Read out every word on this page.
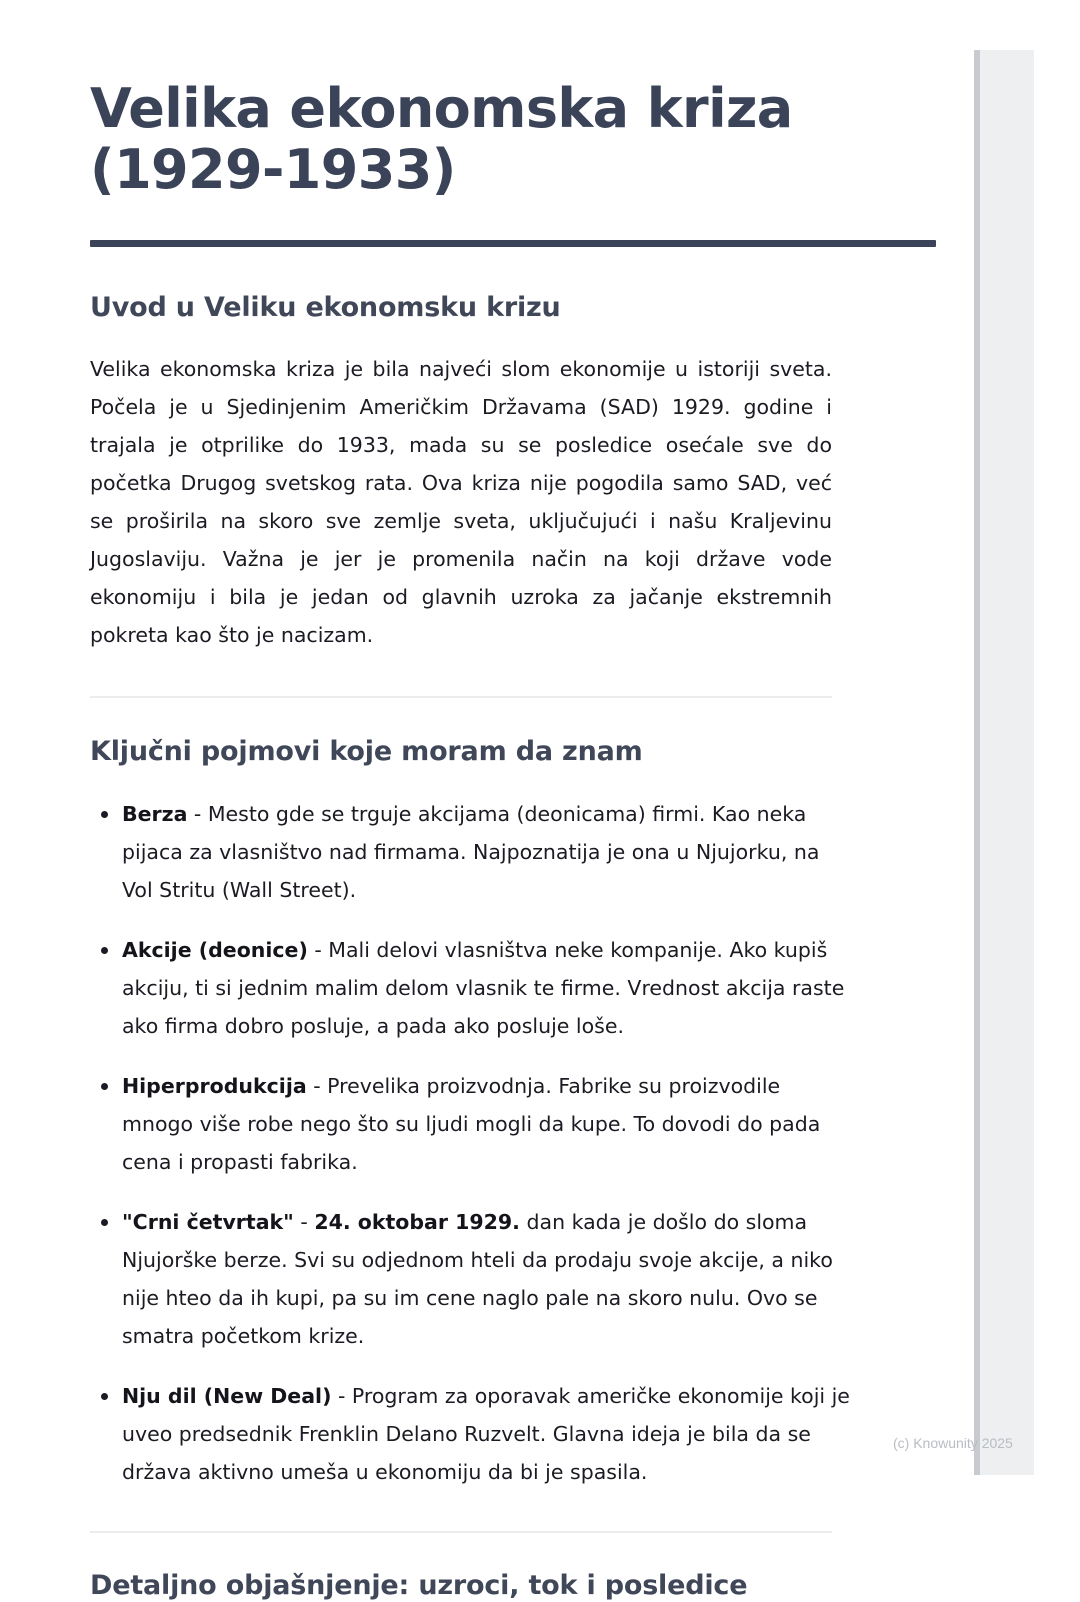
Velika ekonomska kriza (1929-1933)
Uvod u Veliku ekonomsku krizu

Velika ekonomska kriza je bila najveći slom ekonomije u istoriji sveta. Počela je u Sjedinjenim Američkim Državama (SAD) 1929. godine i trajala je otprilike do 1933, mada su se posledice osećale sve do početka Drugog svetskog rata. Ova kriza nije pogodila samo SAD, već se proširila na skoro sve zemlje sveta, uključujući i našu Kraljevinu Jugoslaviju. Važna je jer je promenila način na koji države vode ekonomiju i bila je jedan od glavnih uzroka za jačanje ekstremnih pokreta kao što je nacizam.

Ključni pojmovi koje moram da znam
Berza - Mesto gde se trguje akcijama (deonicama) firmi. Kao neka pijaca za vlasništvo nad firmama. Najpoznatija je ona u Njujorku, na Vol Stritu (Wall Street).
Akcije (deonice) - Mali delovi vlasništva neke kompanije. Ako kupiš akciju, ti si jednim malim delom vlasnik te firme. Vrednost akcija raste ako firma dobro posluje, a pada ako posluje loše.
Hiperprodukcija - Prevelika proizvodnja. Fabrike su proizvodile mnogo više robe nego što su ljudi mogli da kupe. To dovodi do pada cena i propasti fabrika.
"Crni četvrtak" - 24. oktobar 1929. dan kada je došlo do sloma Njujorške berze. Svi su odjednom hteli da prodaju svoje akcije, a niko nije hteo da ih kupi, pa su im cene naglo pale na skoro nulu. Ovo se smatra početkom krize.
Nju dil (New Deal) - Program za oporavak američke ekonomije koji je uveo predsednik Frenklin Delano Ruzvelt. Glavna ideja je bila da se država aktivno umeša u ekonomiju da bi je spasila.
Detaljno objašnjenje: uzroci, tok i posledice
(c) Knowunity 2025
